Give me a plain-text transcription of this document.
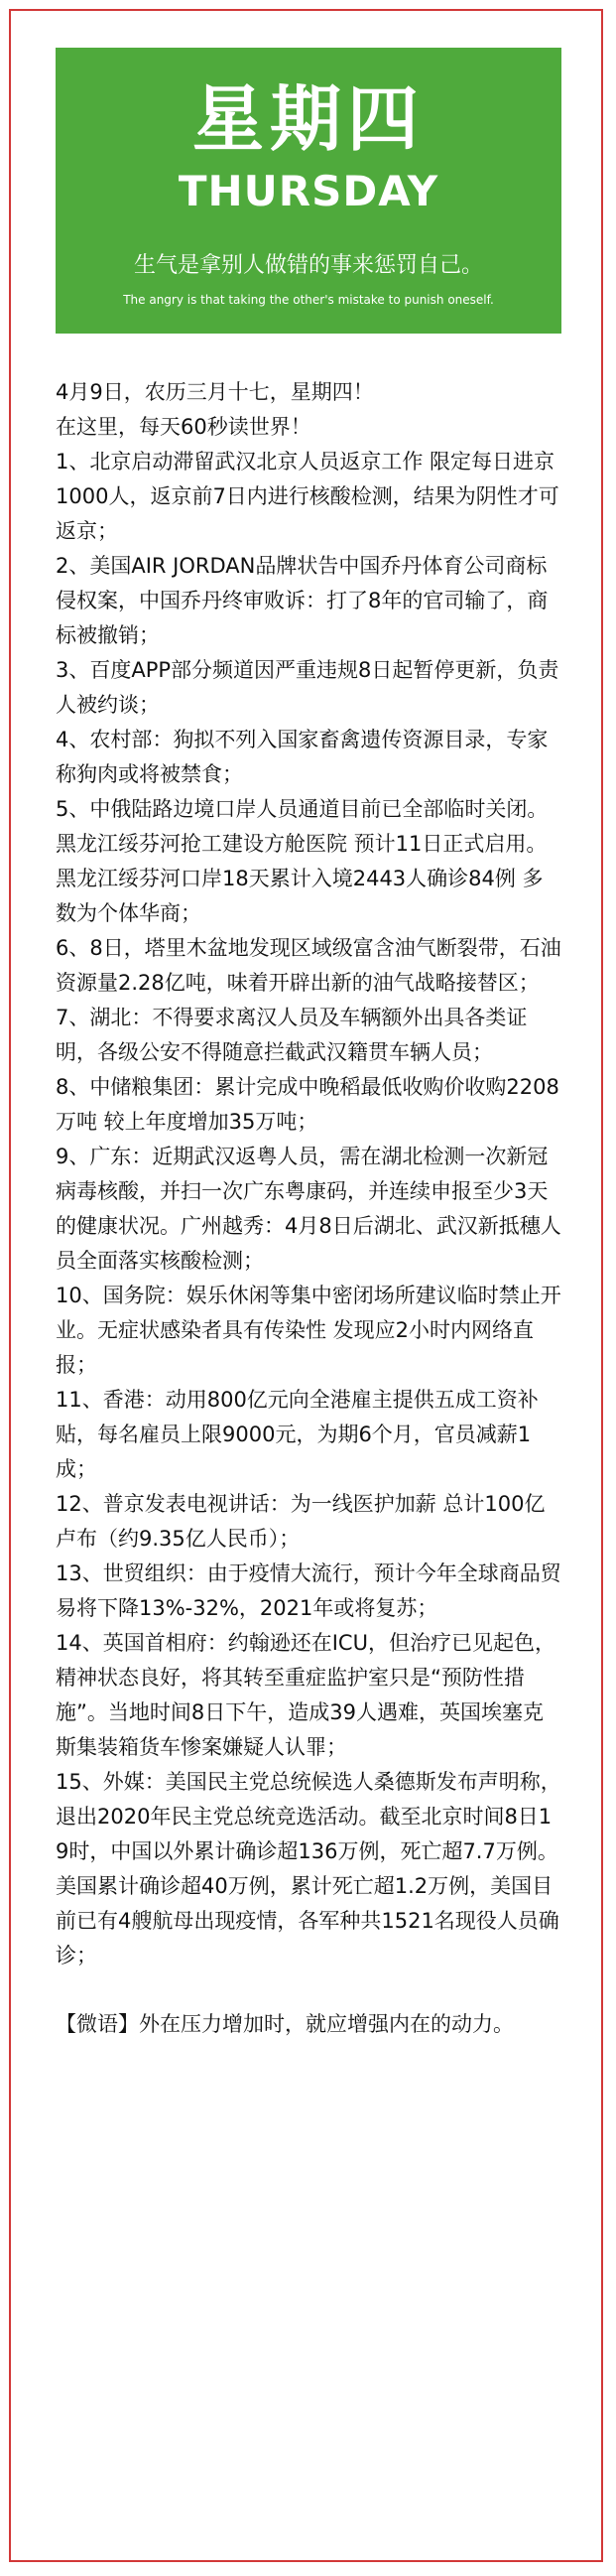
星期四
THURSDAY
生气是拿别人做错的事来惩罚自己。
The angry is that taking the other's mistake to punish oneself.

4月9日，农历三月十七，星期四！

在这里，每天60秒读世界！

1、北京启动滞留武汉北京人员返京工作 限定每日进京1000人，返京前7日内进行核酸检测，结果为阴性才可返京；

2、美国AIR JORDAN品牌状告中国乔丹体育公司商标侵权案，中国乔丹终审败诉：打了8年的官司输了，商标被撤销；

3、百度APP部分频道因严重违规8日起暂停更新，负责人被约谈；

4、农村部：狗拟不列入国家畜禽遗传资源目录，专家称狗肉或将被禁食；

5、中俄陆路边境口岸人员通道目前已全部临时关闭。黑龙江绥芬河抢工建设方舱医院 预计11日正式启用。黑龙江绥芬河口岸18天累计入境2443人确诊84例 多数为个体华商；

6、8日，塔里木盆地发现区域级富含油气断裂带，石油资源量2.28亿吨，味着开辟出新的油气战略接替区；

7、湖北：不得要求离汉人员及车辆额外出具各类证明，各级公安不得随意拦截武汉籍贯车辆人员；

8、中储粮集团：累计完成中晚稻最低收购价收购2208万吨 较上年度增加35万吨；

9、广东：近期武汉返粤人员，需在湖北检测一次新冠病毒核酸，并扫一次广东粤康码，并连续申报至少3天的健康状况。广州越秀：4月8日后湖北、武汉新抵穗人员全面落实核酸检测；

10、国务院：娱乐休闲等集中密闭场所建议临时禁止开业。无症状感染者具有传染性 发现应2小时内网络直报；

11、香港：动用800亿元向全港雇主提供五成工资补贴，每名雇员上限9000元，为期6个月，官员减薪1成；

12、普京发表电视讲话：为一线医护加薪 总计100亿卢布（约9.35亿人民币）；

13、世贸组织：由于疫情大流行，预计今年全球商品贸易将下降13%-32%，2021年或将复苏；

14、英国首相府：约翰逊还在ICU，但治疗已见起色，精神状态良好，将其转至重症监护室只是“预防性措施”。当地时间8日下午，造成39人遇难，英国埃塞克斯集装箱货车惨案嫌疑人认罪；

15、外媒：美国民主党总统候选人桑德斯发布声明称，退出2020年民主党总统竞选活动。截至北京时间8日19时，中国以外累计确诊超136万例，死亡超7.7万例。美国累计确诊超40万例，累计死亡超1.2万例，美国目前已有4艘航母出现疫情，各军种共1521名现役人员确诊；

【微语】外在压力增加时，就应增强内在的动力。
